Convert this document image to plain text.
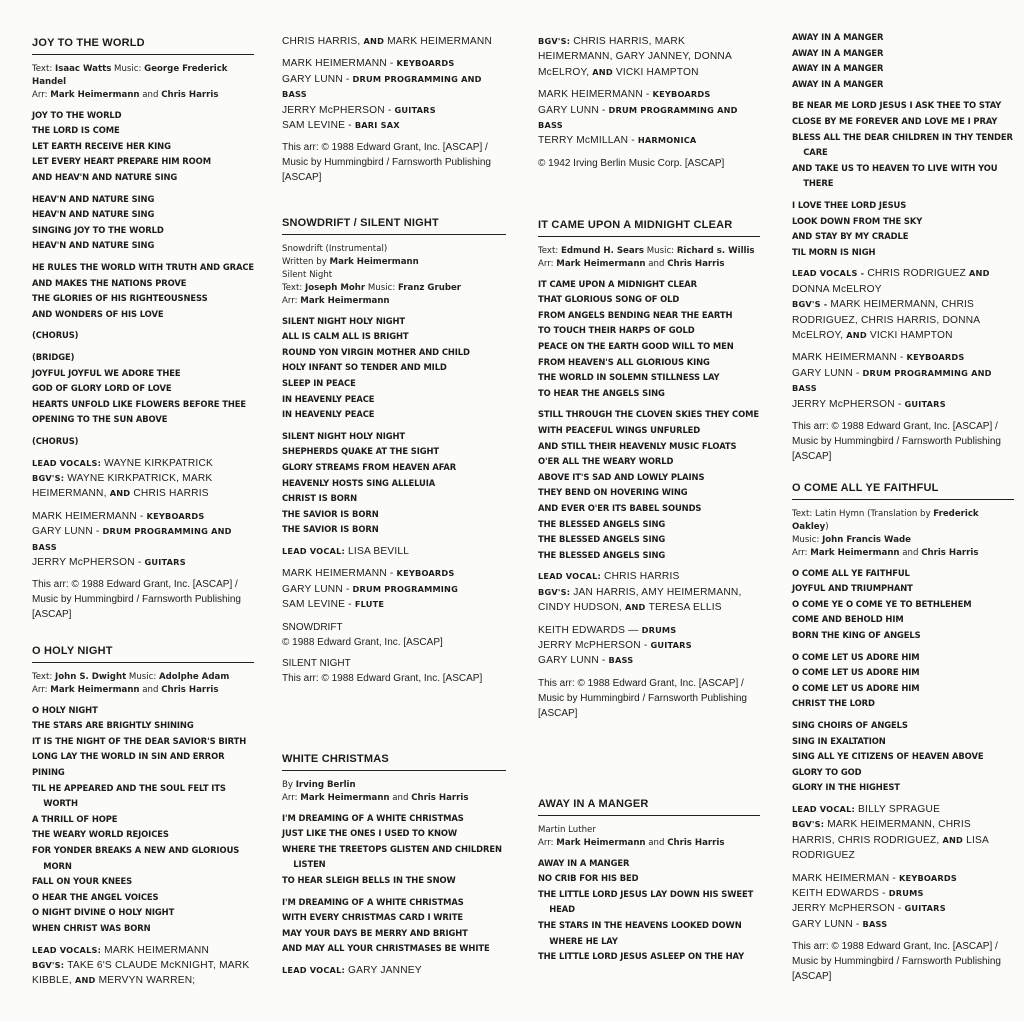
JOY TO THE WORLD
Text: Isaac Watts Music: George Frederick Handel
Arr: Mark Heimermann and Chris Harris
JOY TO THE WORLD
THE LORD IS COME
LET EARTH RECEIVE HER KING
LET EVERY HEART PREPARE HIM ROOM
AND HEAV'N AND NATURE SING
HEAV'N AND NATURE SING
HEAV'N AND NATURE SING
SINGING JOY TO THE WORLD
HEAV'N AND NATURE SING
HE RULES THE WORLD WITH TRUTH AND GRACE
AND MAKES THE NATIONS PROVE
THE GLORIES OF HIS RIGHTEOUSNESS
AND WONDERS OF HIS LOVE
(CHORUS)
(BRIDGE)
JOYFUL JOYFUL WE ADORE THEE
GOD OF GLORY LORD OF LOVE
HEARTS UNFOLD LIKE FLOWERS BEFORE THEE
OPENING TO THE SUN ABOVE
(CHORUS)
LEAD VOCALS: WAYNE KIRKPATRICK
BGV'S: WAYNE KIRKPATRICK, MARK HEIMERMANN, AND CHRIS HARRIS
MARK HEIMERMANN - KEYBOARDS
GARY LUNN - DRUM PROGRAMMING AND BASS
JERRY McPHERSON - GUITARS
This arr: © 1988 Edward Grant, Inc. [ASCAP] / Music by Hummingbird / Farnsworth Publishing [ASCAP]
O HOLY NIGHT
Text: John S. Dwight Music: Adolphe Adam
Arr: Mark Heimermann and Chris Harris
O HOLY NIGHT
THE STARS ARE BRIGHTLY SHINING
IT IS THE NIGHT OF THE DEAR SAVIOR'S BIRTH
LONG LAY THE WORLD IN SIN AND ERROR PINING
TIL HE APPEARED AND THE SOUL FELT ITS
WORTH
A THRILL OF HOPE
THE WEARY WORLD REJOICES
FOR YONDER BREAKS A NEW AND GLORIOUS
MORN
FALL ON YOUR KNEES
O HEAR THE ANGEL VOICES
O NIGHT DIVINE O HOLY NIGHT
WHEN CHRIST WAS BORN
LEAD VOCALS: MARK HEIMERMANN
BGV'S: TAKE 6'S CLAUDE McKNIGHT, MARK KIBBLE, AND MERVYN WARREN;
CHRIS HARRIS, AND MARK HEIMERMANN
MARK HEIMERMANN - KEYBOARDS
GARY LUNN - DRUM PROGRAMMING AND BASS
JERRY McPHERSON - GUITARS
SAM LEVINE - BARI SAX
This arr: © 1988 Edward Grant, Inc. [ASCAP] / Music by Hummingbird / Farnsworth Publishing [ASCAP]
SNOWDRIFT / SILENT NIGHT
Snowdrift (Instrumental)
Written by Mark Heimermann
Silent Night
Text: Joseph Mohr Music: Franz Gruber
Arr: Mark Heimermann
SILENT NIGHT HOLY NIGHT
ALL IS CALM ALL IS BRIGHT
ROUND YON VIRGIN MOTHER AND CHILD
HOLY INFANT SO TENDER AND MILD
SLEEP IN PEACE
IN HEAVENLY PEACE
IN HEAVENLY PEACE
SILENT NIGHT HOLY NIGHT
SHEPHERDS QUAKE AT THE SIGHT
GLORY STREAMS FROM HEAVEN AFAR
HEAVENLY HOSTS SING ALLELUIA
CHRIST IS BORN
THE SAVIOR IS BORN
THE SAVIOR IS BORN
LEAD VOCAL: LISA BEVILL
MARK HEIMERMANN - KEYBOARDS
GARY LUNN - DRUM PROGRAMMING
SAM LEVINE - FLUTE
SNOWDRIFT
© 1988 Edward Grant, Inc. [ASCAP]
SILENT NIGHT
This arr: © 1988 Edward Grant, Inc. [ASCAP]
WHITE CHRISTMAS
By Irving Berlin
Arr: Mark Heimermann and Chris Harris
I'M DREAMING OF A WHITE CHRISTMAS
JUST LIKE THE ONES I USED TO KNOW
WHERE THE TREETOPS GLISTEN AND CHILDREN
LISTEN
TO HEAR SLEIGH BELLS IN THE SNOW
I'M DREAMING OF A WHITE CHRISTMAS
WITH EVERY CHRISTMAS CARD I WRITE
MAY YOUR DAYS BE MERRY AND BRIGHT
AND MAY ALL YOUR CHRISTMASES BE WHITE
LEAD VOCAL: GARY JANNEY
BGV'S: CHRIS HARRIS, MARK HEIMERMANN, GARY JANNEY, DONNA McELROY, AND VICKI HAMPTON
MARK HEIMERMANN - KEYBOARDS
GARY LUNN - DRUM PROGRAMMING AND BASS
TERRY McMILLAN - HARMONICA
© 1942 Irving Berlin Music Corp. [ASCAP]
IT CAME UPON A MIDNIGHT CLEAR
Text: Edmund H. Sears Music: Richard s. Willis
Arr: Mark Heimermann and Chris Harris
IT CAME UPON A MIDNIGHT CLEAR
THAT GLORIOUS SONG OF OLD
FROM ANGELS BENDING NEAR THE EARTH
TO TOUCH THEIR HARPS OF GOLD
PEACE ON THE EARTH GOOD WILL TO MEN
FROM HEAVEN'S ALL GLORIOUS KING
THE WORLD IN SOLEMN STILLNESS LAY
TO HEAR THE ANGELS SING
STILL THROUGH THE CLOVEN SKIES THEY COME
WITH PEACEFUL WINGS UNFURLED
AND STILL THEIR HEAVENLY MUSIC FLOATS
O'ER ALL THE WEARY WORLD
ABOVE IT'S SAD AND LOWLY PLAINS
THEY BEND ON HOVERING WING
AND EVER O'ER ITS BABEL SOUNDS
THE BLESSED ANGELS SING
THE BLESSED ANGELS SING
THE BLESSED ANGELS SING
LEAD VOCAL: CHRIS HARRIS
BGV'S: JAN HARRIS, AMY HEIMERMANN, CINDY HUDSON, AND TERESA ELLIS
KEITH EDWARDS — DRUMS
JERRY McPHERSON - GUITARS
GARY LUNN - BASS
This arr: © 1988 Edward Grant, Inc. [ASCAP] / Music by Hummingbird / Farnsworth Publishing [ASCAP]
AWAY IN A MANGER
Martin Luther
Arr: Mark Heimermann and Chris Harris
AWAY IN A MANGER
NO CRIB FOR HIS BED
THE LITTLE LORD JESUS LAY DOWN HIS SWEET
HEAD
THE STARS IN THE HEAVENS LOOKED DOWN
WHERE HE LAY
THE LITTLE LORD JESUS ASLEEP ON THE HAY
AWAY IN A MANGER
AWAY IN A MANGER
AWAY IN A MANGER
AWAY IN A MANGER
BE NEAR ME LORD JESUS I ASK THEE TO STAY
CLOSE BY ME FOREVER AND LOVE ME I PRAY
BLESS ALL THE DEAR CHILDREN IN THY TENDER
CARE
AND TAKE US TO HEAVEN TO LIVE WITH YOU
THERE
I LOVE THEE LORD JESUS
LOOK DOWN FROM THE SKY
AND STAY BY MY CRADLE
TIL MORN IS NIGH
LEAD VOCALS - CHRIS RODRIGUEZ AND DONNA McELROY
BGV'S - MARK HEIMERMANN, CHRIS RODRIGUEZ, CHRIS HARRIS, DONNA McELROY, AND VICKI HAMPTON
MARK HEIMERMANN - KEYBOARDS
GARY LUNN - DRUM PROGRAMMING AND BASS
JERRY McPHERSON - GUITARS
This arr: © 1988 Edward Grant, Inc. [ASCAP] / Music by Hummingbird / Farnsworth Publishing [ASCAP]
O COME ALL YE FAITHFUL
Text: Latin Hymn (Translation by Frederick Oakley)
Music: John Francis Wade
Arr: Mark Heimermann and Chris Harris
O COME ALL YE FAITHFUL
JOYFUL AND TRIUMPHANT
O COME YE O COME YE TO BETHLEHEM
COME AND BEHOLD HIM
BORN THE KING OF ANGELS
O COME LET US ADORE HIM
O COME LET US ADORE HIM
O COME LET US ADORE HIM
CHRIST THE LORD
SING CHOIRS OF ANGELS
SING IN EXALTATION
SING ALL YE CITIZENS OF HEAVEN ABOVE
GLORY TO GOD
GLORY IN THE HIGHEST
LEAD VOCAL: BILLY SPRAGUE
BGV'S: MARK HEIMERMANN, CHRIS HARRIS, CHRIS RODRIGUEZ, AND LISA RODRIGUEZ
MARK HEIMERMAN - KEYBOARDS
KEITH EDWARDS - DRUMS
JERRY McPHERSON - GUITARS
GARY LUNN - BASS
This arr: © 1988 Edward Grant, Inc. [ASCAP] / Music by Hummingbird / Farnsworth Publishing [ASCAP]
